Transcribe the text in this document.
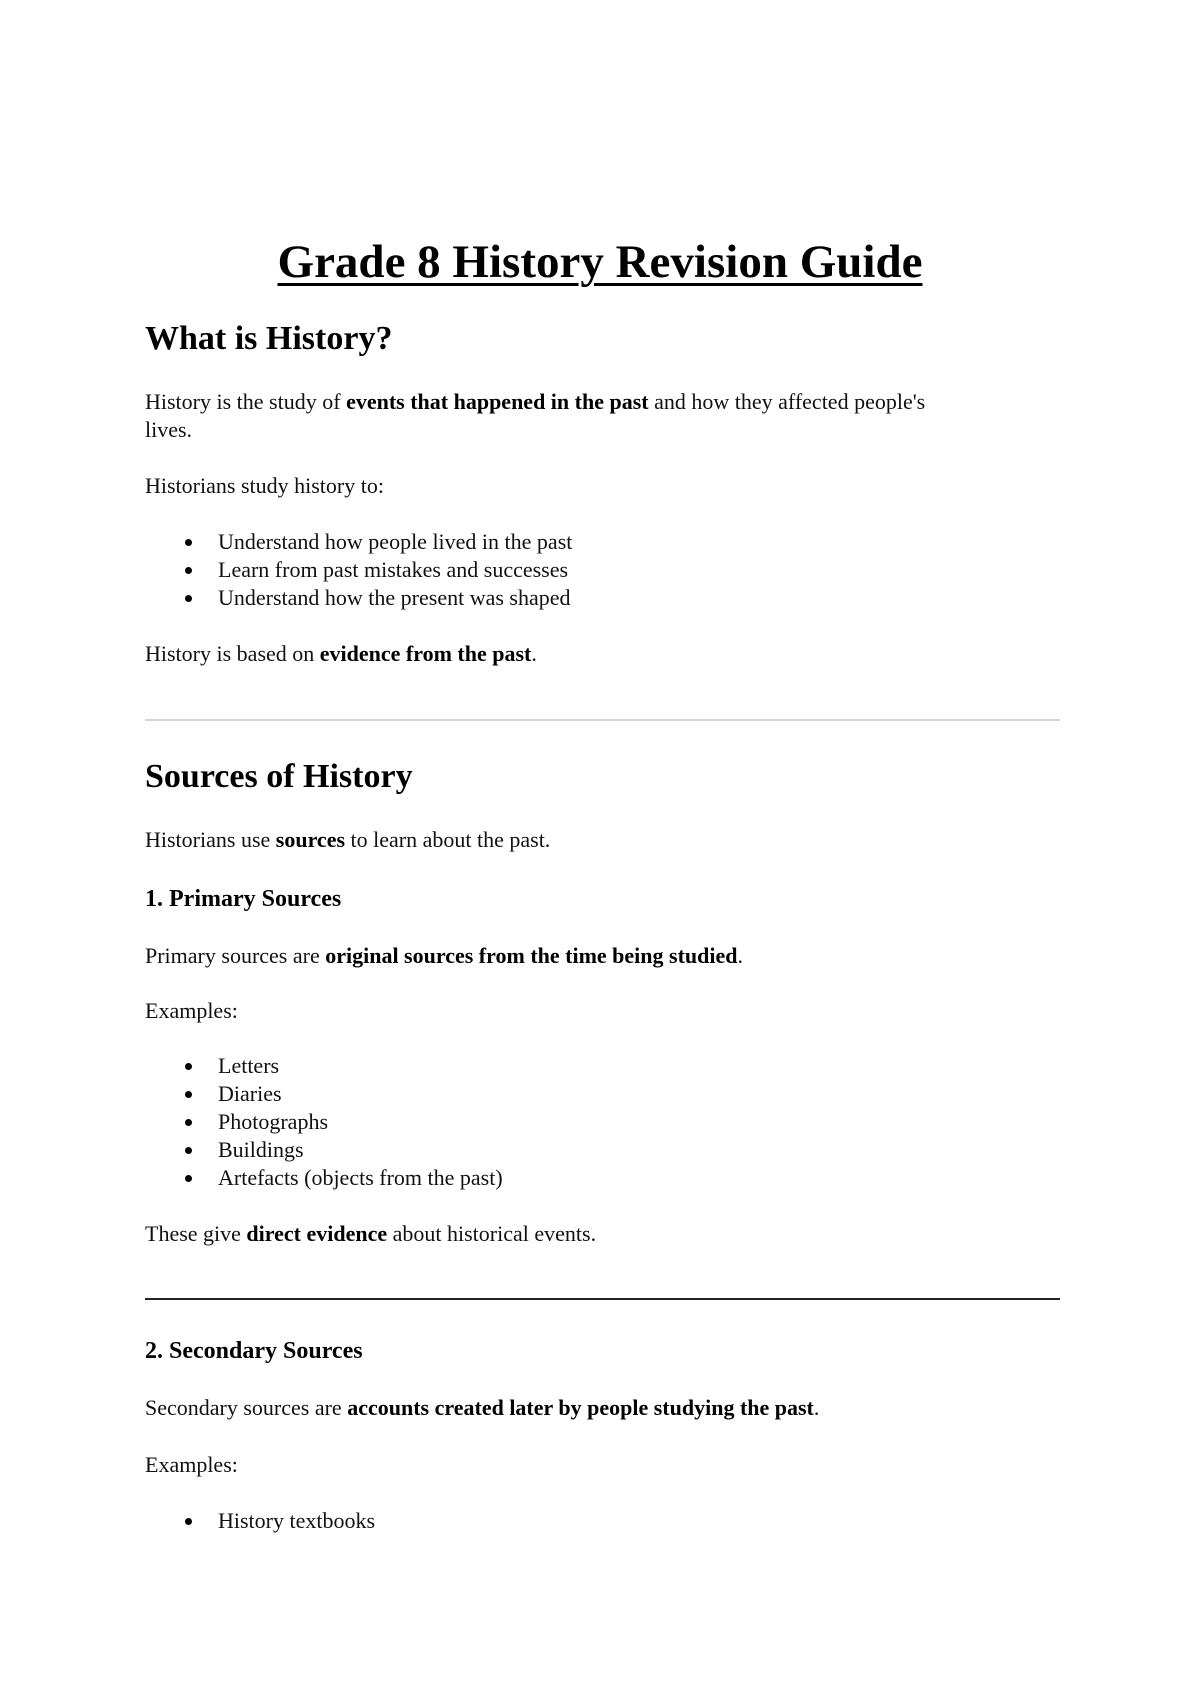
Grade 8 History Revision Guide
What is History?

History is the study of events that happened in the past and how they affected people's

lives.

Historians study history to:

Understand how people lived in the past
Learn from past mistakes and successes
Understand how the present was shaped

History is based on evidence from the past.

Sources of History

Historians use sources to learn about the past.

1. Primary Sources

Primary sources are original sources from the time being studied.

Examples:

Letters
Diaries
Photographs
Buildings
Artefacts (objects from the past)

These give direct evidence about historical events.

2. Secondary Sources

Secondary sources are accounts created later by people studying the past.

Examples:

History textbooks
